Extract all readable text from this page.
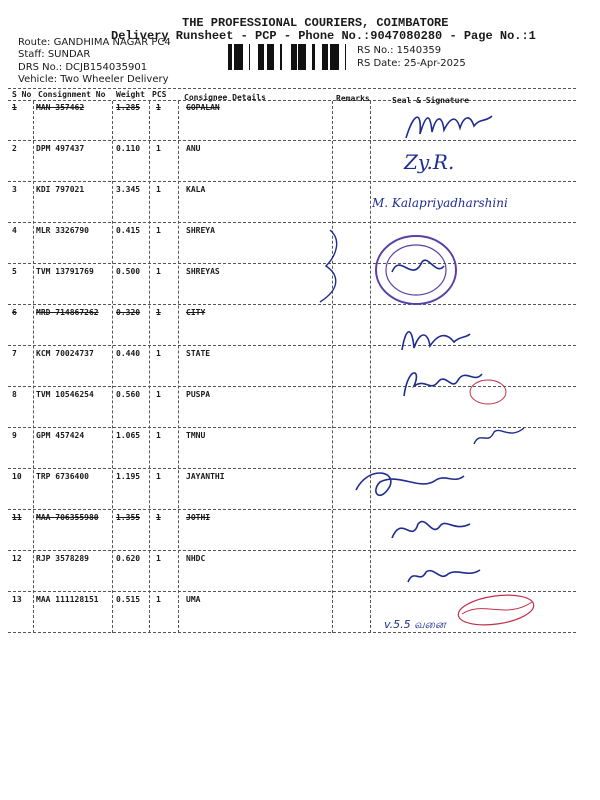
THE PROFESSIONAL COURIERS, COIMBATORE
Delivery Runsheet - PCP - Phone No.:9047080280 - Page No.:1
Route: GANDHIMA NAGAR PC4
Staff: SUNDAR
DRS No.: DCJB154035901
Vehicle: Two Wheeler Delivery
RS No.: 1540359
RS Date: 25-Apr-2025
S No Consignment No Weight PCS Consignee Details	Remarks	Seal & Signature
1 MAN 357462	1.285 1	GOPALAN
2 DPM 497437	0.110 1	ANU
3 KDI 797021	3.345 1	KALA
4 MLR 3326790	0.415 1	SHREYA
5 TVM 13791769	0.500 1	SHREYAS
6 MRD 714867262 0.320 1	CITY
7 KCM 70024737	0.440 1	STATE
8 TVM 10546254	0.560 1	PUSPA
9 GPM 457424	1.065 1	TMNU
10 TRP 6736400	1.195 1	JAYANTHI
11 MAA 706355980 1.355 1	JOTHI
12 RJP 3578289	0.620 1	NHDC
13 MAA 111128151 0.515 1	UMA
Zy.R.
M. Kalapriyadharshini
v.5.5 வனை
